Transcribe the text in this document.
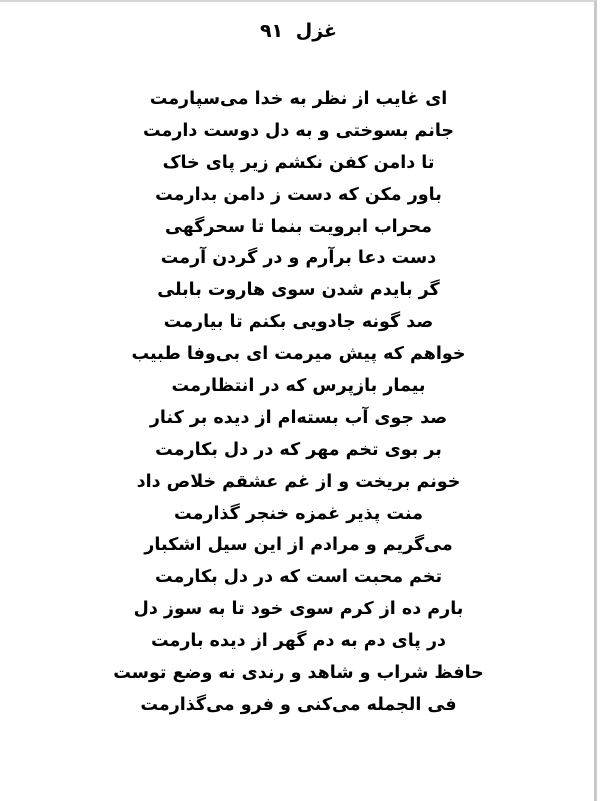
غزل ۹۱
ای غایب از نظر به خدا می‌سپارمت
جانم بسوختی و به دل دوست دارمت
تا دامن کفن نکشم زیر پای خاک
باور مکن که دست ز دامن بدارمت
محراب ابرویت بنما تا سحرگهی
دست دعا برآرم و در گردن آرمت
گر بایدم شدن سوی هاروت بابلی
صد گونه جادویی بکنم تا بیارمت
خواهم که پیش میرمت ای بی‌وفا طبیب
بیمار بازپرس که در انتظارمت
صد جوی آب بسته‌ام از دیده بر کنار
بر بوی تخم مهر که در دل بکارمت
خونم بریخت و از غم عشقم خلاص داد
منت پذیر غمزه خنجر گذارمت
می‌گریم و مرادم از این سیل اشکبار
تخم محبت است که در دل بکارمت
بارم ده از کرم سوی خود تا به سوز دل
در پای دم به دم گهر از دیده بارمت
حافظ شراب و شاهد و رندی نه وضع توست
فی الجمله می‌کنی و فرو می‌گذارمت
